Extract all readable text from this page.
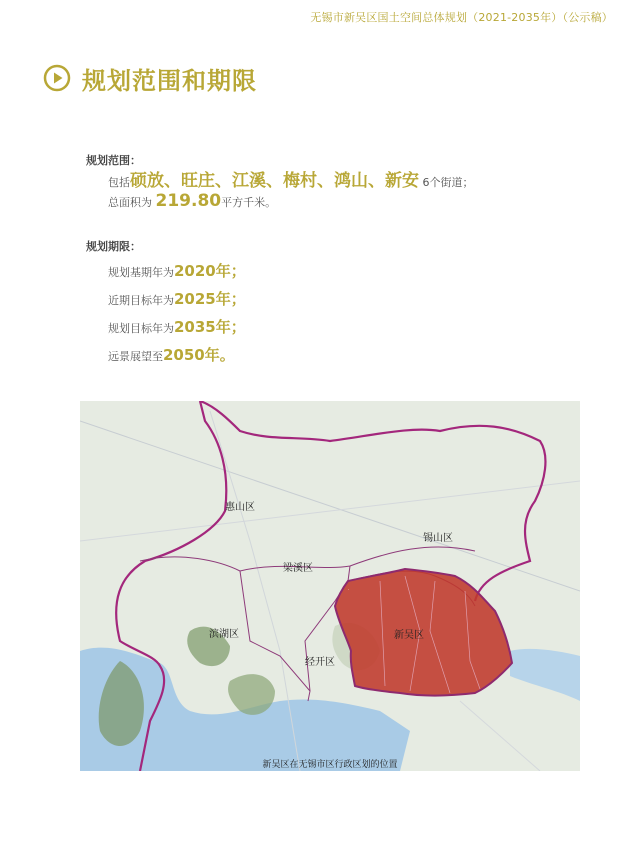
无锡市新吴区国土空间总体规划（2021-2035年）（公示稿）
规划范围和期限
规划范围：
包括硕放、旺庄、江溪、梅村、鸿山、新安 6个街道；
总面积为 219.80平方千米。
规划期限：
规划基期年为2020年；
近期目标年为2025年；
规划目标年为2035年；
远景展望至2050年。
·
惠山区
锡山区
梁溪区
新吴区
滨湖区
经开区
新吴区在无锡市区行政区划的位置
